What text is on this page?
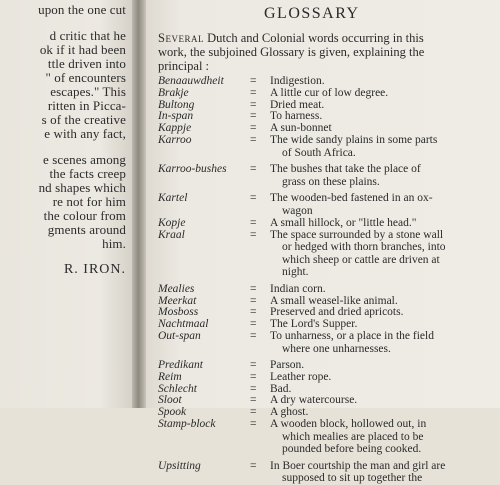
upon the one cut
d critic that he
ok if it had been
ttle driven into
" of encounters
escapes." This
ritten in Picca-
s of the creative
e with any fact,
e scenes among
the facts creep
nd shapes which
re not for him
the colour from
gments around
him.
R. IRON.
GLOSSARY
Several Dutch and Colonial words occurring in this
work, the subjoined Glossary is given, explaining the
principal :
Benaauwdheit = Indigestion.
Brakje	= A little cur of low degree.
Bultong	= Dried meat.
In-span	= To harness.
Kappje	= A sun-bonnet
Karroo	= The wide sandy plains in some parts
of South Africa.
Karroo-bushes = The bushes that take the place of
grass on these plains.
Kartel	= The wooden-bed fastened in an ox-
wagon
Kopje	= A small hillock, or "little head."
Kraal	= The space surrounded by a stone wall
or hedged with thorn branches, into
which sheep or cattle are driven at
night.
Mealies	= Indian corn.
Meerkat	= A small weasel-like animal.
Mosboss	= Preserved and dried apricots.
Nachtmaal	= The Lord's Supper.
Out-span	= To unharness, or a place in the field
where one unharnesses.
Predikant	= Parson.
Reim	= Leather rope.
Schlecht	= Bad.
Sloot	= A dry watercourse.
Spook	= A ghost.
Stamp-block	= A wooden block, hollowed out, in
which mealies are placed to be
pounded before being cooked.
Upsitting	= In Boer courtship the man and girl are
supposed to sit up together the
